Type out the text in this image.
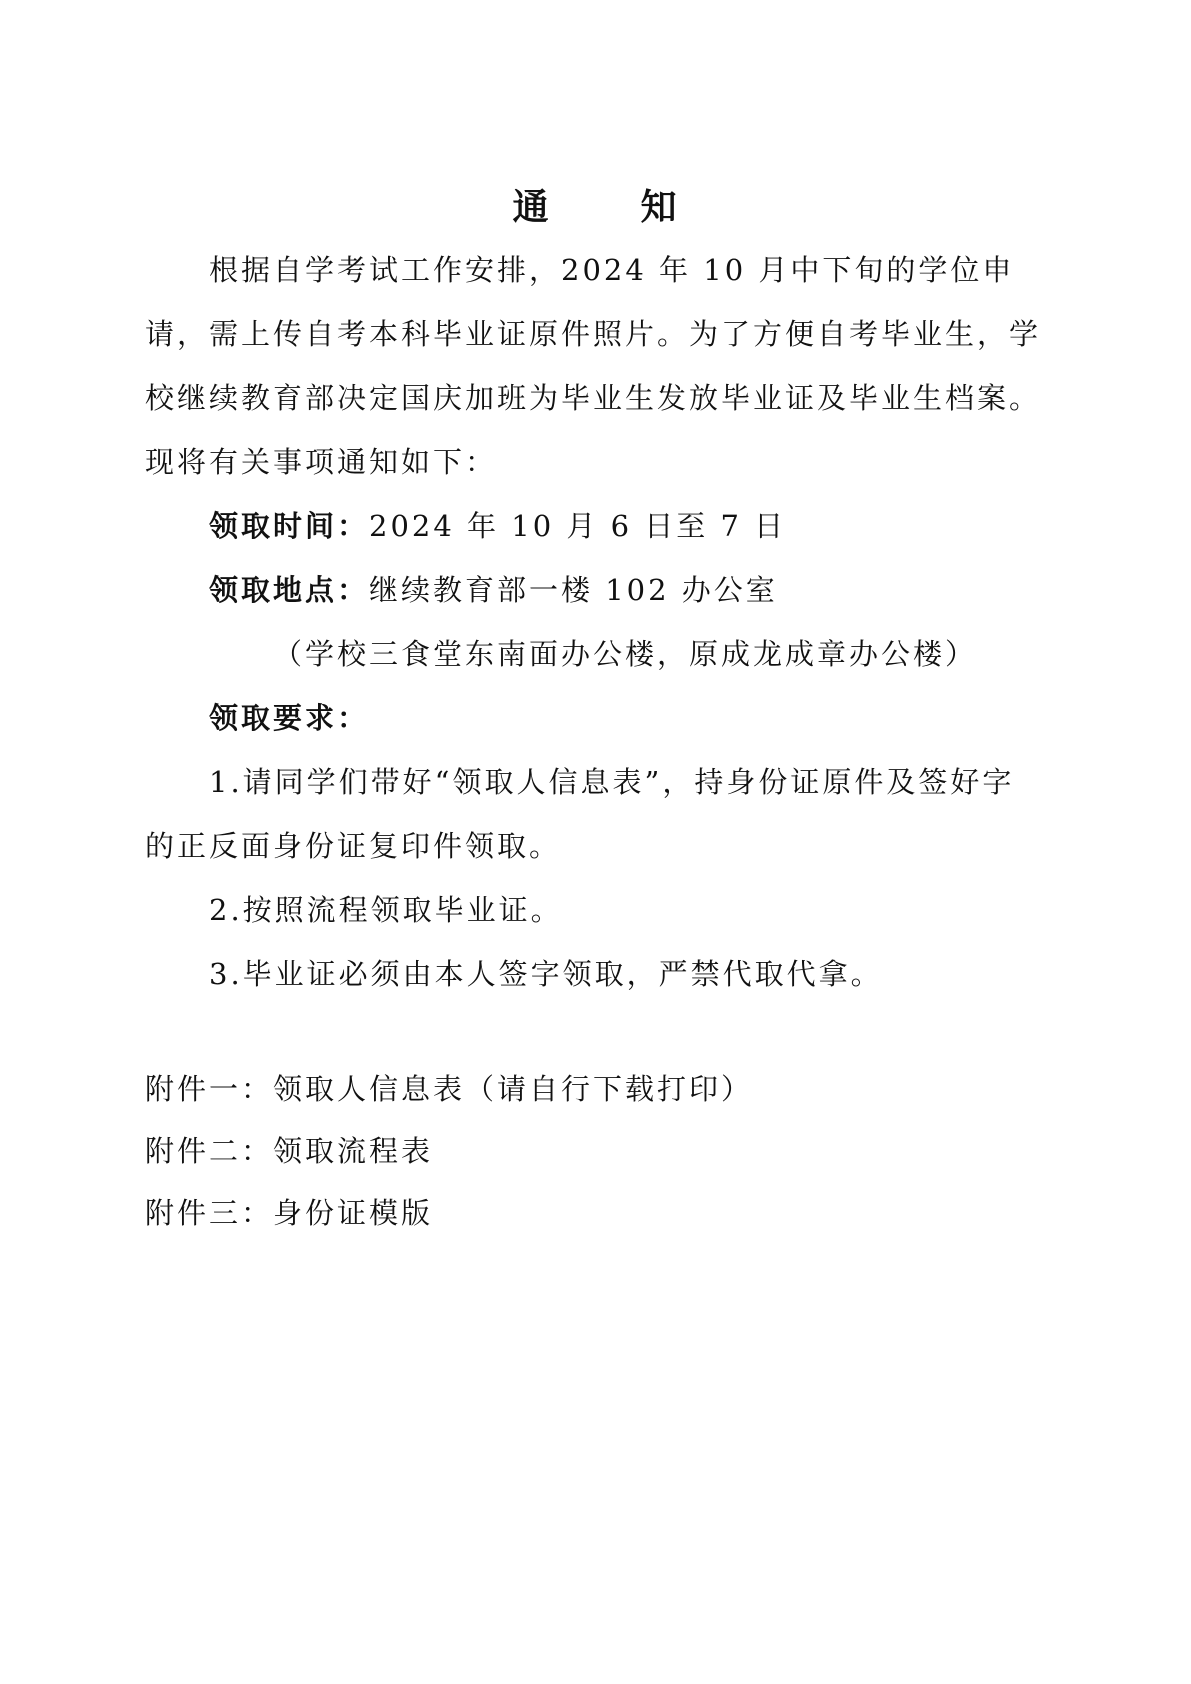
通	知

根据自学考试工作安排，2024 年 10 月中下旬的学位申请，需上传自考本科毕业证原件照片。为了方便自考毕业生，学校继续教育部决定国庆加班为毕业生发放毕业证及毕业生档案。现将有关事项通知如下：

领取时间：2024 年 10 月 6 日至 7 日

领取地点：继续教育部一楼 102 办公室

（学校三食堂东南面办公楼，原成龙成章办公楼）

领取要求：

1.请同学们带好“领取人信息表”，持身份证原件及签好字的正反面身份证复印件领取。

2.按照流程领取毕业证。

3.毕业证必须由本人签字领取，严禁代取代拿。

附件一：领取人信息表（请自行下载打印）

附件二：领取流程表

附件三：身份证模版
